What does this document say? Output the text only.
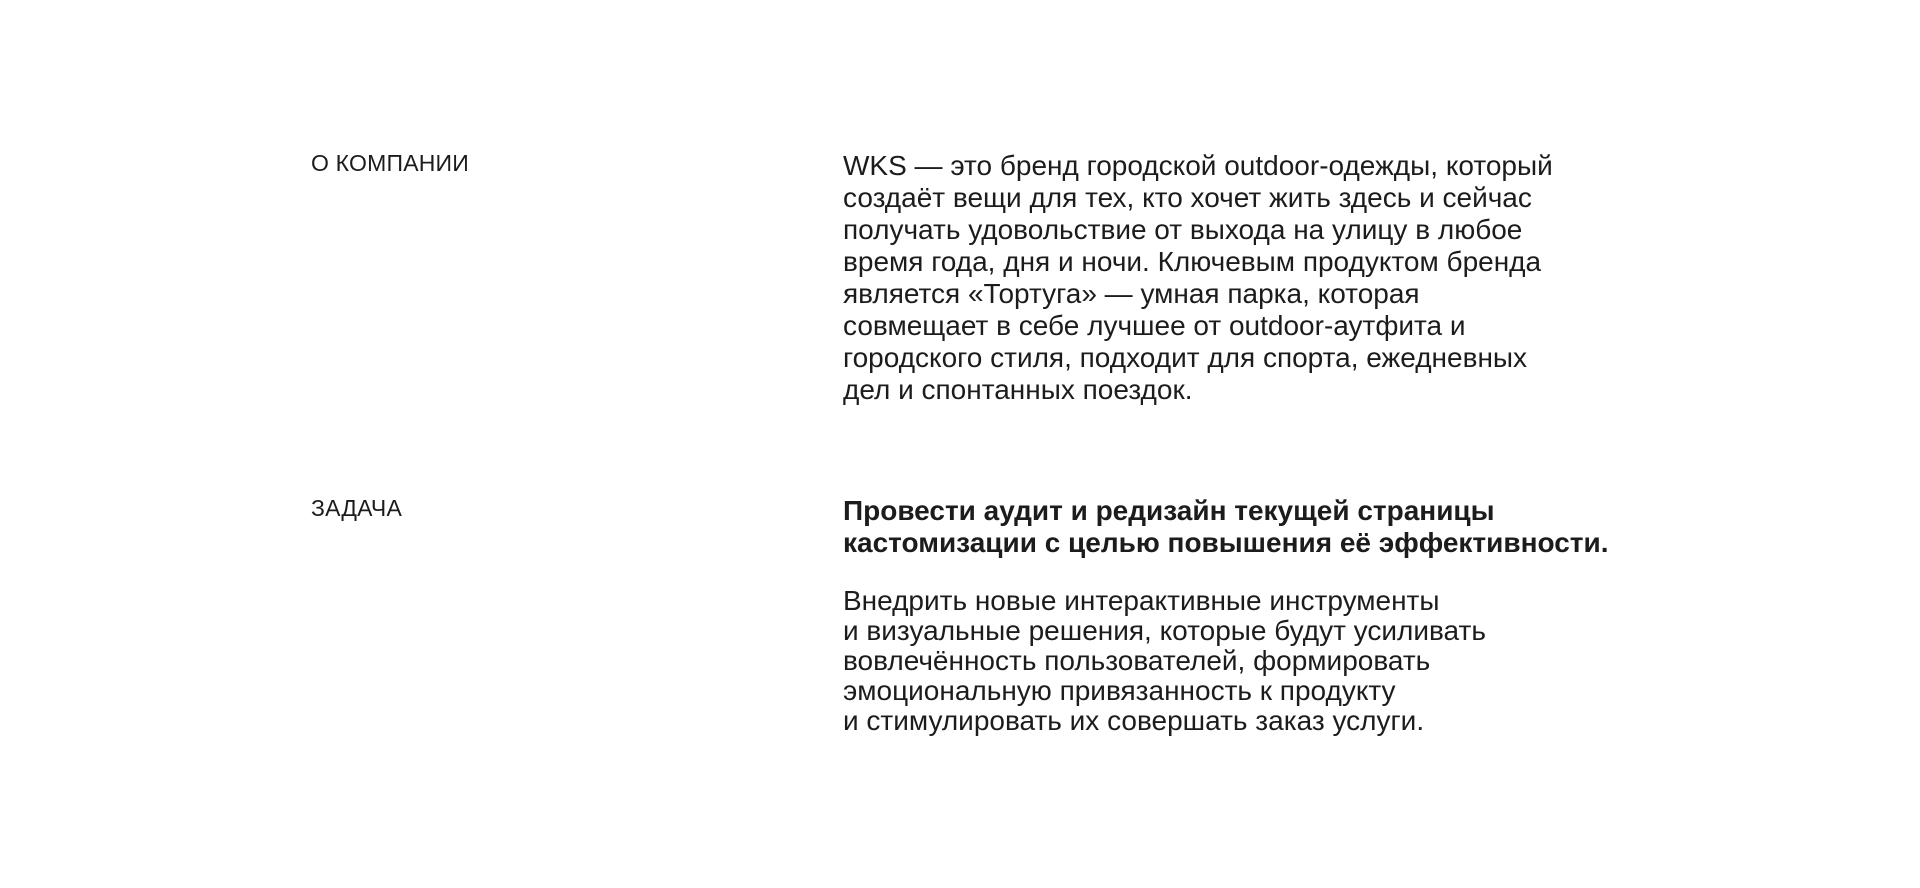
О КОМПАНИИ	WKS — это бренд городской outdoor-одежды, который
создаёт вещи для тех, кто хочет жить здесь и сейчас
получать удовольствие от выхода на улицу в любое
время года, дня и ночи. Ключевым продуктом бренда
является «Тортуга» — умная парка, которая
совмещает в себе лучшее от outdoor-аутфита и
городского стиля, подходит для спорта, ежедневных
дел и спонтанных поездок.
ЗАДАЧА	Провести аудит и редизайн текущей страницы
кастомизации с целью повышения её эффективности.
Внедрить новые интерактивные инструменты
и визуальные решения, которые будут усиливать
вовлечённость пользователей, формировать
эмоциональную привязанность к продукту
и стимулировать их совершать заказ услуги.
